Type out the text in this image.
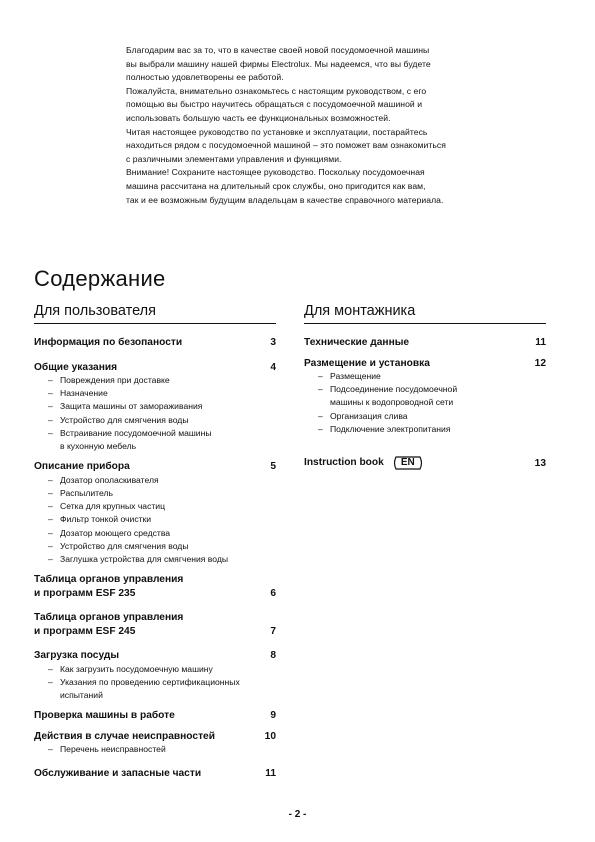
Благодарим вас за то, что в качестве своей новой посудомоечной машины

вы выбрали машину нашей фирмы Electrolux. Мы надеемся, что вы будете

полностью удовлетворены ее работой.

Пожалуйста, внимательно ознакомьтесь с настоящим руководством, с его

помощью вы быстро научитесь обращаться с посудомоечной машиной и

использовать большую часть ее функциональных возможностей.

Читая настоящее руководство по установке и эксплуатации, постарайтесь

находиться рядом с посудомоечной машиной – это поможет вам ознакомиться

с различными элементами управления и функциями.

Внимание! Сохраните настоящее руководство. Поскольку посудомоечная

машина рассчитана на длительный срок службы, оно пригодится как вам,

так и ее возможным будущим владельцам в качестве справочного материала.

Содержание
Для пользователя
Информация по безопаности	3
Общие указания	4
– Повреждения при доставке
– Назначение
– Защита машины от замораживания
– Устройство для смягчения воды
– Встраивание посудомоечной машины
в кухонную мебель
Описание прибора	5
– Дозатор ополаскивателя
– Распылитель
– Сетка для крупных частиц
– Фильтр тонкой очистки
– Дозатор моющего средства
– Устройство для смягчения воды
– Заглушка устройства для смягчения воды
Таблица органов управления
и программ ESF 235	6
Таблица органов управления
и программ ESF 245	7
Загрузка посуды	8
– Как загрузить посудомоечную машину
– Указания по проведению сертификационных
испытаний
Проверка машины в работе	9
Действия в случае неисправностей	10
– Перечень неисправностей
Обслуживание и запасные части	11
Для монтажника
Технические данные	11
Размещение и установка	12
– Размещение
– Подсоединение посудомоечной
машины к водопроводной сети
– Организация слива
– Подключение электропитания
Instruction book	EN	13
- 2 -
